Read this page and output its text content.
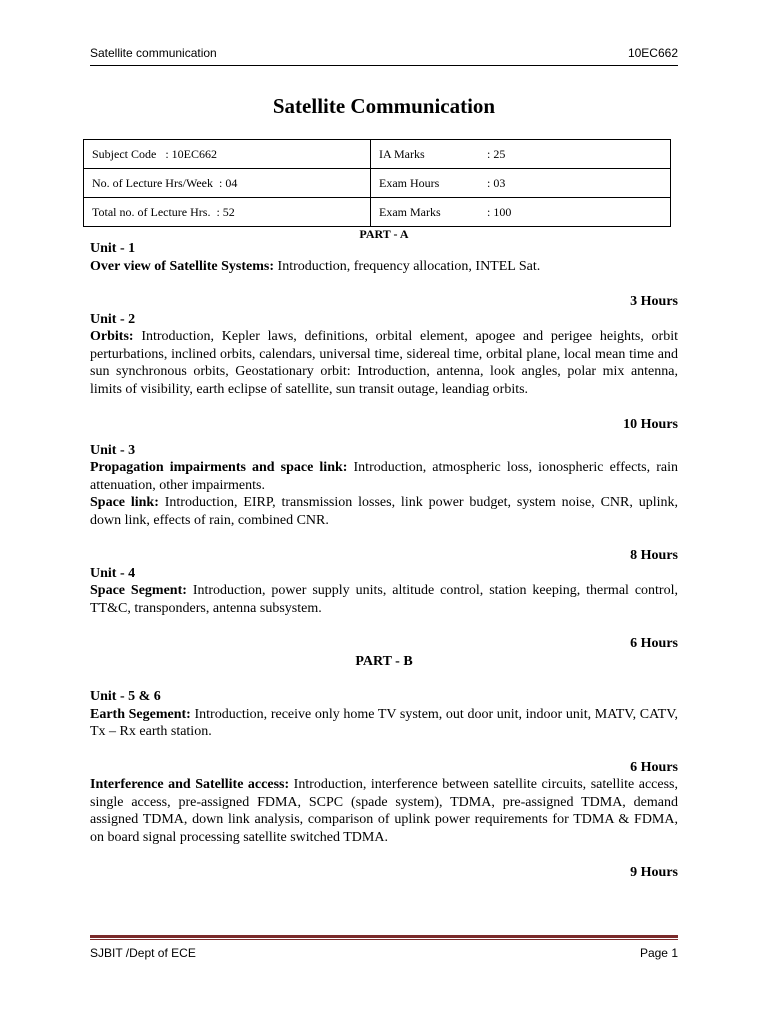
Satellite communication	10EC662
Satellite Communication
Subject Code : 10EC662	IA Marks : 25
No. of Lecture Hrs/Week : 04	Exam Hours : 03
Total no. of Lecture Hrs. : 52	Exam Marks : 100
PART - A

Unit - 1

Over view of Satellite Systems: Introduction, frequency allocation, INTEL Sat.

3 Hours

Unit - 2

Orbits: Introduction, Kepler laws, definitions, orbital element, apogee and perigee heights, orbit perturbations, inclined orbits, calendars, universal time, sidereal time, orbital plane, local mean time and sun synchronous orbits, Geostationary orbit: Introduction, antenna, look angles, polar mix antenna, limits of visibility, earth eclipse of satellite, sun transit outage, leandiag orbits.

10 Hours

Unit - 3

Propagation impairments and space link: Introduction, atmospheric loss, ionospheric effects, rain attenuation, other impairments.

Space link: Introduction, EIRP, transmission losses, link power budget, system noise, CNR, uplink, down link, effects of rain, combined CNR.

8 Hours

Unit - 4

Space Segment: Introduction, power supply units, altitude control, station keeping, thermal control, TT&C, transponders, antenna subsystem.

6 Hours

PART - B

Unit - 5 & 6

Earth Segement: Introduction, receive only home TV system, out door unit, indoor unit, MATV, CATV, Tx – Rx earth station.

6 Hours

Interference and Satellite access: Introduction, interference between satellite circuits, satellite access, single access, pre-assigned FDMA, SCPC (spade system), TDMA, pre-assigned TDMA, demand assigned TDMA, down link analysis, comparison of uplink power requirements for TDMA & FDMA, on board signal processing satellite switched TDMA.

9 Hours

SJBIT /Dept of ECE	Page 1
